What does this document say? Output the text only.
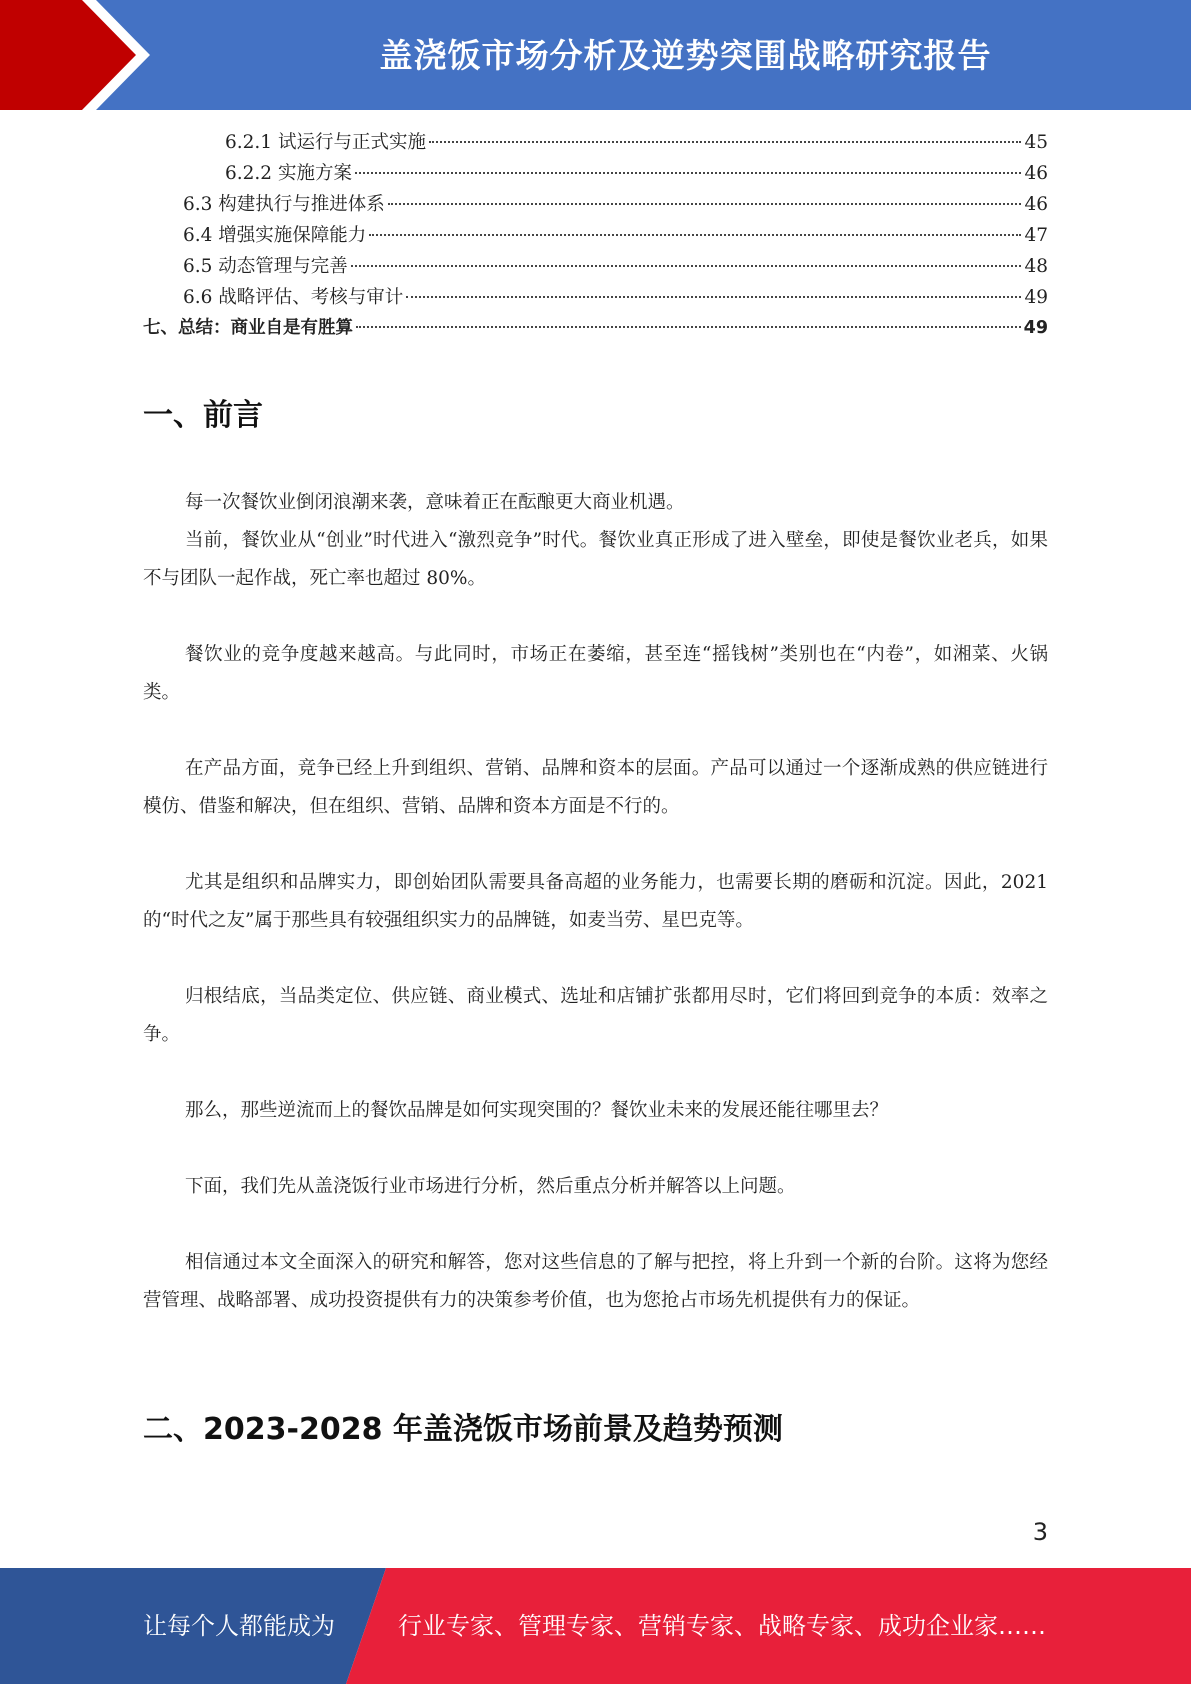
盖浇饭市场分析及逆势突围战略研究报告
6.2.1 试运行与正式实施	45
6.2.2 实施方案	46
6.3 构建执行与推进体系	46
6.4 增强实施保障能力	47
6.5 动态管理与完善	48
6.6 战略评估、考核与审计	49
七、总结：商业自是有胜算	49
一、前言
每一次餐饮业倒闭浪潮来袭，意味着正在酝酿更大商业机遇。
当前，餐饮业从“创业”时代进入“激烈竞争”时代。餐饮业真正形成了进入壁垒，即使是餐饮业老兵，如果不与团队一起作战，死亡率也超过 80%。
餐饮业的竞争度越来越高。与此同时，市场正在萎缩，甚至连“摇钱树”类别也在“内卷”，如湘菜、火锅类。
在产品方面，竞争已经上升到组织、营销、品牌和资本的层面。产品可以通过一个逐渐成熟的供应链进行模仿、借鉴和解决，但在组织、营销、品牌和资本方面是不行的。
尤其是组织和品牌实力，即创始团队需要具备高超的业务能力，也需要长期的磨砺和沉淀。因此，2021 的“时代之友”属于那些具有较强组织实力的品牌链，如麦当劳、星巴克等。
归根结底，当品类定位、供应链、商业模式、选址和店铺扩张都用尽时，它们将回到竞争的本质：效率之争。
那么，那些逆流而上的餐饮品牌是如何实现突围的？餐饮业未来的发展还能往哪里去？
下面，我们先从盖浇饭行业市场进行分析，然后重点分析并解答以上问题。
相信通过本文全面深入的研究和解答，您对这些信息的了解与把控，将上升到一个新的台阶。这将为您经营管理、战略部署、成功投资提供有力的决策参考价值，也为您抢占市场先机提供有力的保证。
二、2023-2028 年盖浇饭市场前景及趋势预测
3
让每个人都能成为	行业专家、管理专家、营销专家、战略专家、成功企业家……
